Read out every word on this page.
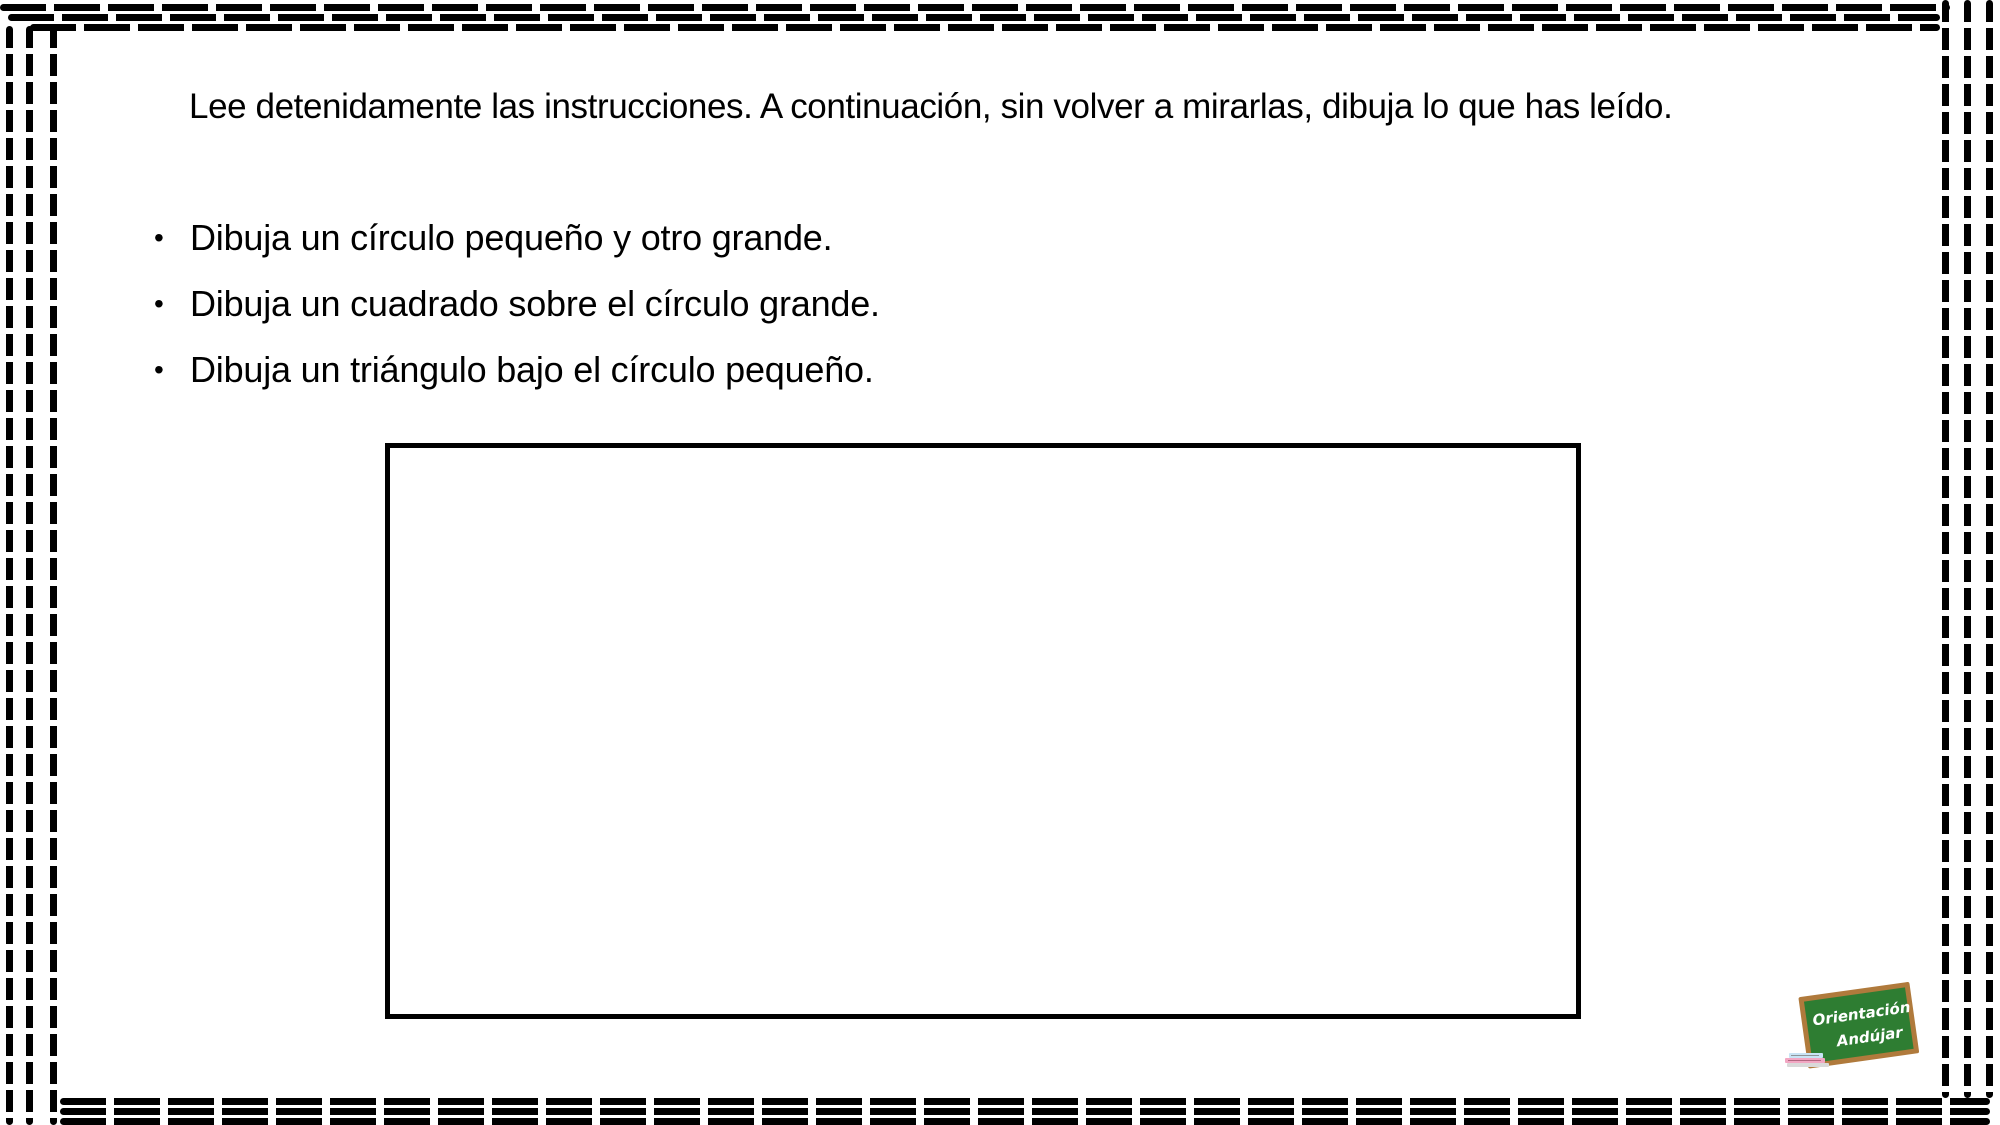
Lee detenidamente las instrucciones. A continuación, sin volver a mirarlas, dibuja lo que has leído.
• Dibuja un círculo pequeño y otro grande.
• Dibuja un cuadrado sobre el círculo grande.
• Dibuja un triángulo bajo el círculo pequeño.
Orientación
Andújar
